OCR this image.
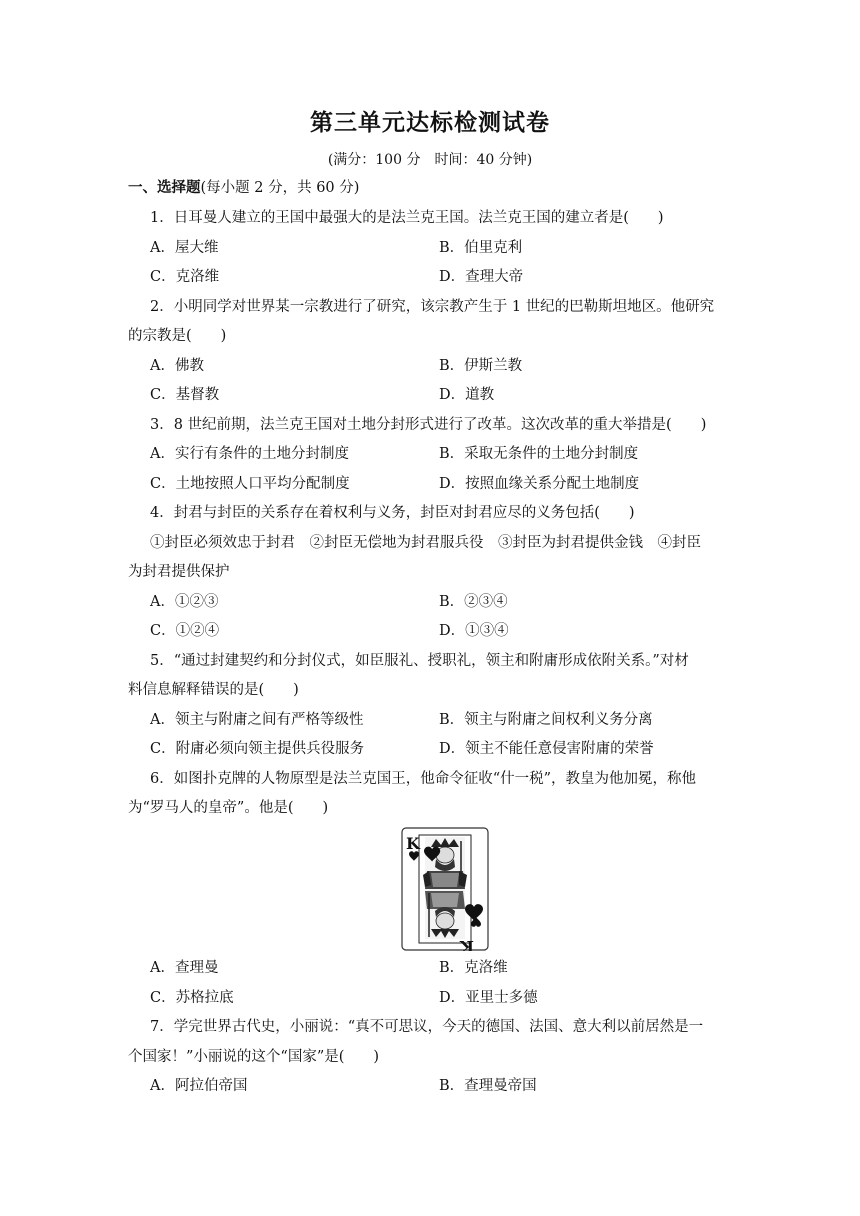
第三单元达标检测试卷
(满分：100 分　时间：40 分钟)
一、选择题(每小题 2 分，共 60 分)
1．日耳曼人建立的王国中最强大的是法兰克王国。法兰克王国的建立者是(　　)
A．屋大维	B．伯里克利
C．克洛维	D．查理大帝
2．小明同学对世界某一宗教进行了研究，该宗教产生于 1 世纪的巴勒斯坦地区。他研究
的宗教是(　　)
A．佛教	B．伊斯兰教
C．基督教	D．道教
3．8 世纪前期，法兰克王国对土地分封形式进行了改革。这次改革的重大举措是(　　)
A．实行有条件的土地分封制度	B．采取无条件的土地分封制度
C．土地按照人口平均分配制度	D．按照血缘关系分配土地制度
4．封君与封臣的关系存在着权利与义务，封臣对封君应尽的义务包括(　　)
①封臣必须效忠于封君　②封臣无偿地为封君服兵役　③封臣为封君提供金钱　④封臣
为封君提供保护
A．①②③	B．②③④
C．①②④	D．①③④
5．“通过封建契约和分封仪式，如臣服礼、授职礼，领主和附庸形成依附关系。”对材
料信息解释错误的是(　　)
A．领主与附庸之间有严格等级性	B．领主与附庸之间权利义务分离
C．附庸必须向领主提供兵役服务	D．领主不能任意侵害附庸的荣誉
6．如图扑克牌的人物原型是法兰克国王，他命令征收“什一税”，教皇为他加冕，称他
为“罗马人的皇帝”。他是(　　)
K
K
A．查理曼	B．克洛维
C．苏格拉底	D．亚里士多德
7．学完世界古代史，小丽说：“真不可思议，今天的德国、法国、意大利以前居然是一
个国家！”小丽说的这个“国家”是(　　)
A．阿拉伯帝国	B．查理曼帝国
